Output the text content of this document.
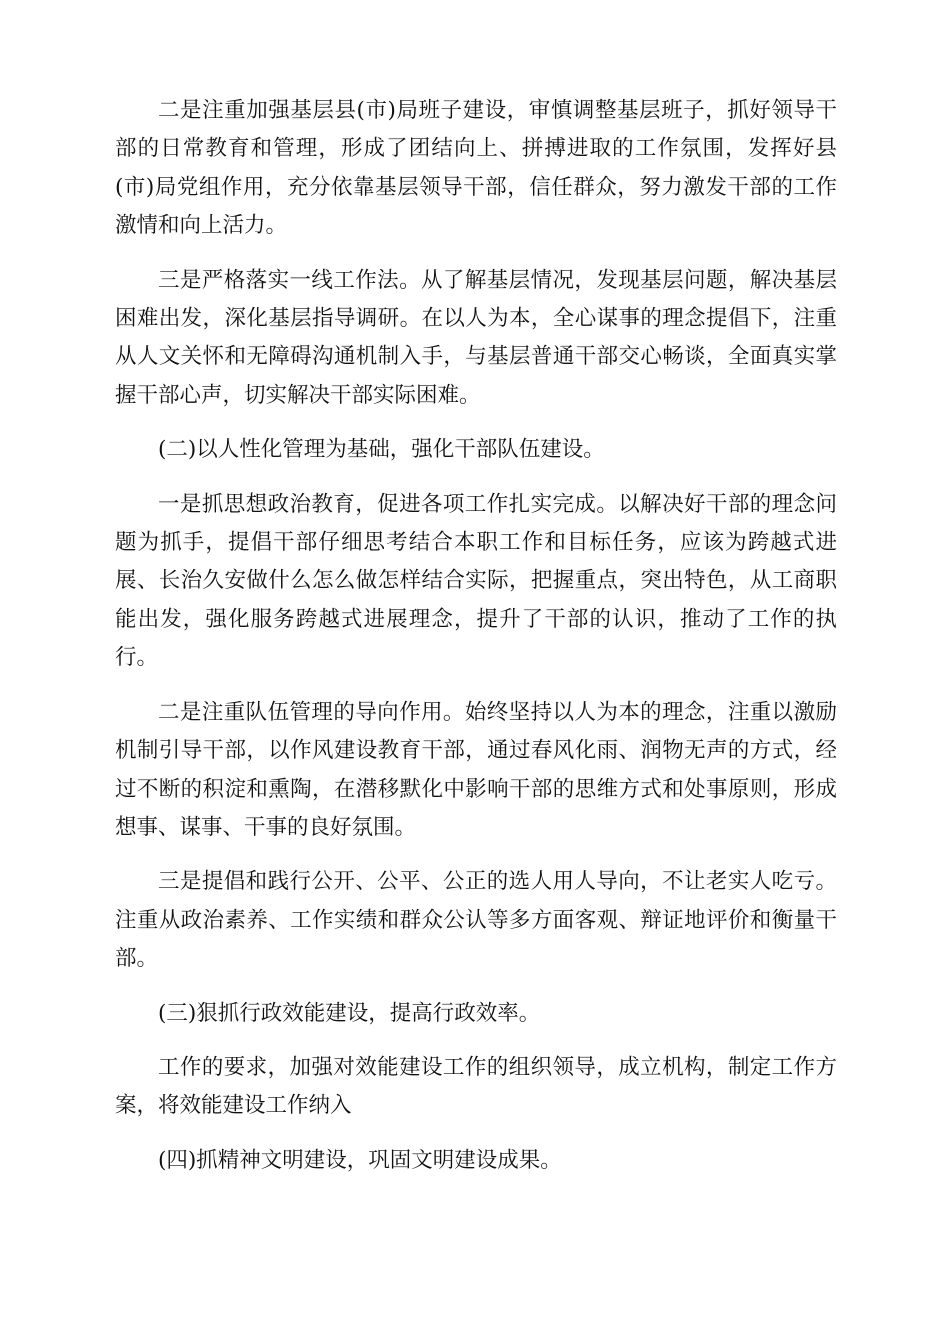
二是注重加强基层县(市)局班子建设，审慎调整基层班子，抓好领导干部的日常教育和管理，形成了团结向上、拼搏进取的工作氛围，发挥好县(市)局党组作用，充分依靠基层领导干部，信任群众，努力激发干部的工作激情和向上活力。

三是严格落实一线工作法。从了解基层情况，发现基层问题，解决基层困难出发，深化基层指导调研。在以人为本，全心谋事的理念提倡下，注重从人文关怀和无障碍沟通机制入手，与基层普通干部交心畅谈，全面真实掌握干部心声，切实解决干部实际困难。

(二)以人性化管理为基础，强化干部队伍建设。

一是抓思想政治教育，促进各项工作扎实完成。以解决好干部的理念问题为抓手，提倡干部仔细思考结合本职工作和目标任务，应该为跨越式进展、长治久安做什么怎么做怎样结合实际，把握重点，突出特色，从工商职能出发，强化服务跨越式进展理念，提升了干部的认识，推动了工作的执行。

二是注重队伍管理的导向作用。始终坚持以人为本的理念，注重以激励机制引导干部，以作风建设教育干部，通过春风化雨、润物无声的方式，经过不断的积淀和熏陶，在潜移默化中影响干部的思维方式和处事原则，形成想事、谋事、干事的良好氛围。

三是提倡和践行公开、公平、公正的选人用人导向，不让老实人吃亏。注重从政治素养、工作实绩和群众公认等多方面客观、辩证地评价和衡量干部。

(三)狠抓行政效能建设，提高行政效率。

工作的要求，加强对效能建设工作的组织领导，成立机构，制定工作方案，将效能建设工作纳入

(四)抓精神文明建设，巩固文明建设成果。
